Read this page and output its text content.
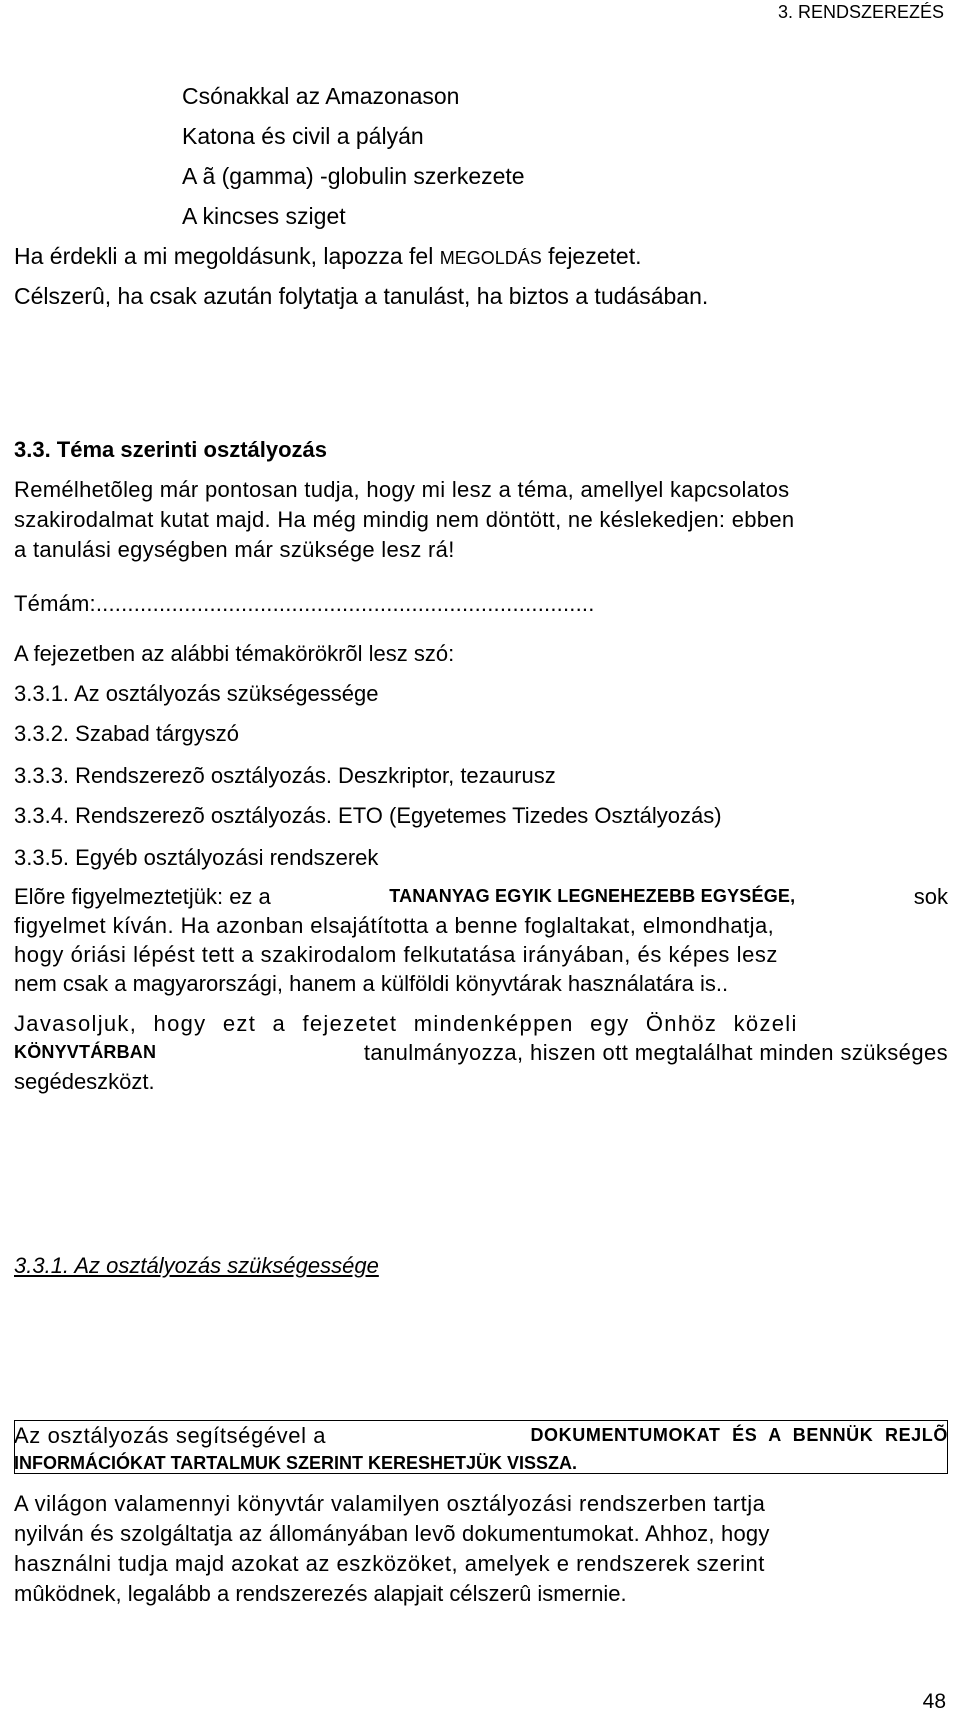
3. RENDSZEREZÉS
Csónakkal az Amazonason
Katona és civil a pályán
A ã (gamma) -globulin szerkezete
A kincses sziget
Ha érdekli a mi megoldásunk, lapozza fel MEGOLDÁS fejezetet.
Célszerû, ha csak azután folytatja a tanulást, ha biztos a tudásában.
3.3. Téma szerinti osztályozás
Remélhetõleg már pontosan tudja, hogy mi lesz a téma, amellyel kapcsolatos
szakirodalmat kutat majd. Ha még mindig nem döntött, ne késlekedjen: ebben
a tanulási egységben már szüksége lesz rá!
Témám:...............................................................................
A fejezetben az alábbi témakörökrõl lesz szó:
3.3.1. Az osztályozás szükségessége
3.3.2. Szabad tárgyszó
3.3.3. Rendszerezõ osztályozás. Deszkriptor, tezaurusz
3.3.4. Rendszerezõ osztályozás. ETO (Egyetemes Tizedes Osztályozás)
3.3.5. Egyéb osztályozási rendszerek
Elõre figyelmeztetjük: ez a	TANANYAG EGYIK LEGNEHEZEBB EGYSÉGE,	sok
figyelmet kíván. Ha azonban elsajátította a benne foglaltakat, elmondhatja,
hogy óriási lépést tett a szakirodalom felkutatása irányában, és képes lesz
nem csak a magyarországi, hanem a külföldi könyvtárak használatára is..
Javasoljuk, hogy ezt a fejezetet mindenképpen egy Önhöz közeli
KÖNYVTÁRBAN	tanulmányozza, hiszen ott megtalálhat minden szükséges
segédeszközt.
3.3.1. Az osztályozás szükségessége
Az osztályozás segítségével a	DOKUMENTUMOKAT ÉS A BENNÜK REJLÕ
INFORMÁCIÓKAT TARTALMUK SZERINT KERESHETJÜK VISSZA.
A világon valamennyi könyvtár valamilyen osztályozási rendszerben tartja
nyilván és szolgáltatja az állományában levõ dokumentumokat. Ahhoz, hogy
használni tudja majd azokat az eszközöket, amelyek e rendszerek szerint
mûködnek, legalább a rendszerezés alapjait célszerû ismernie.
48
